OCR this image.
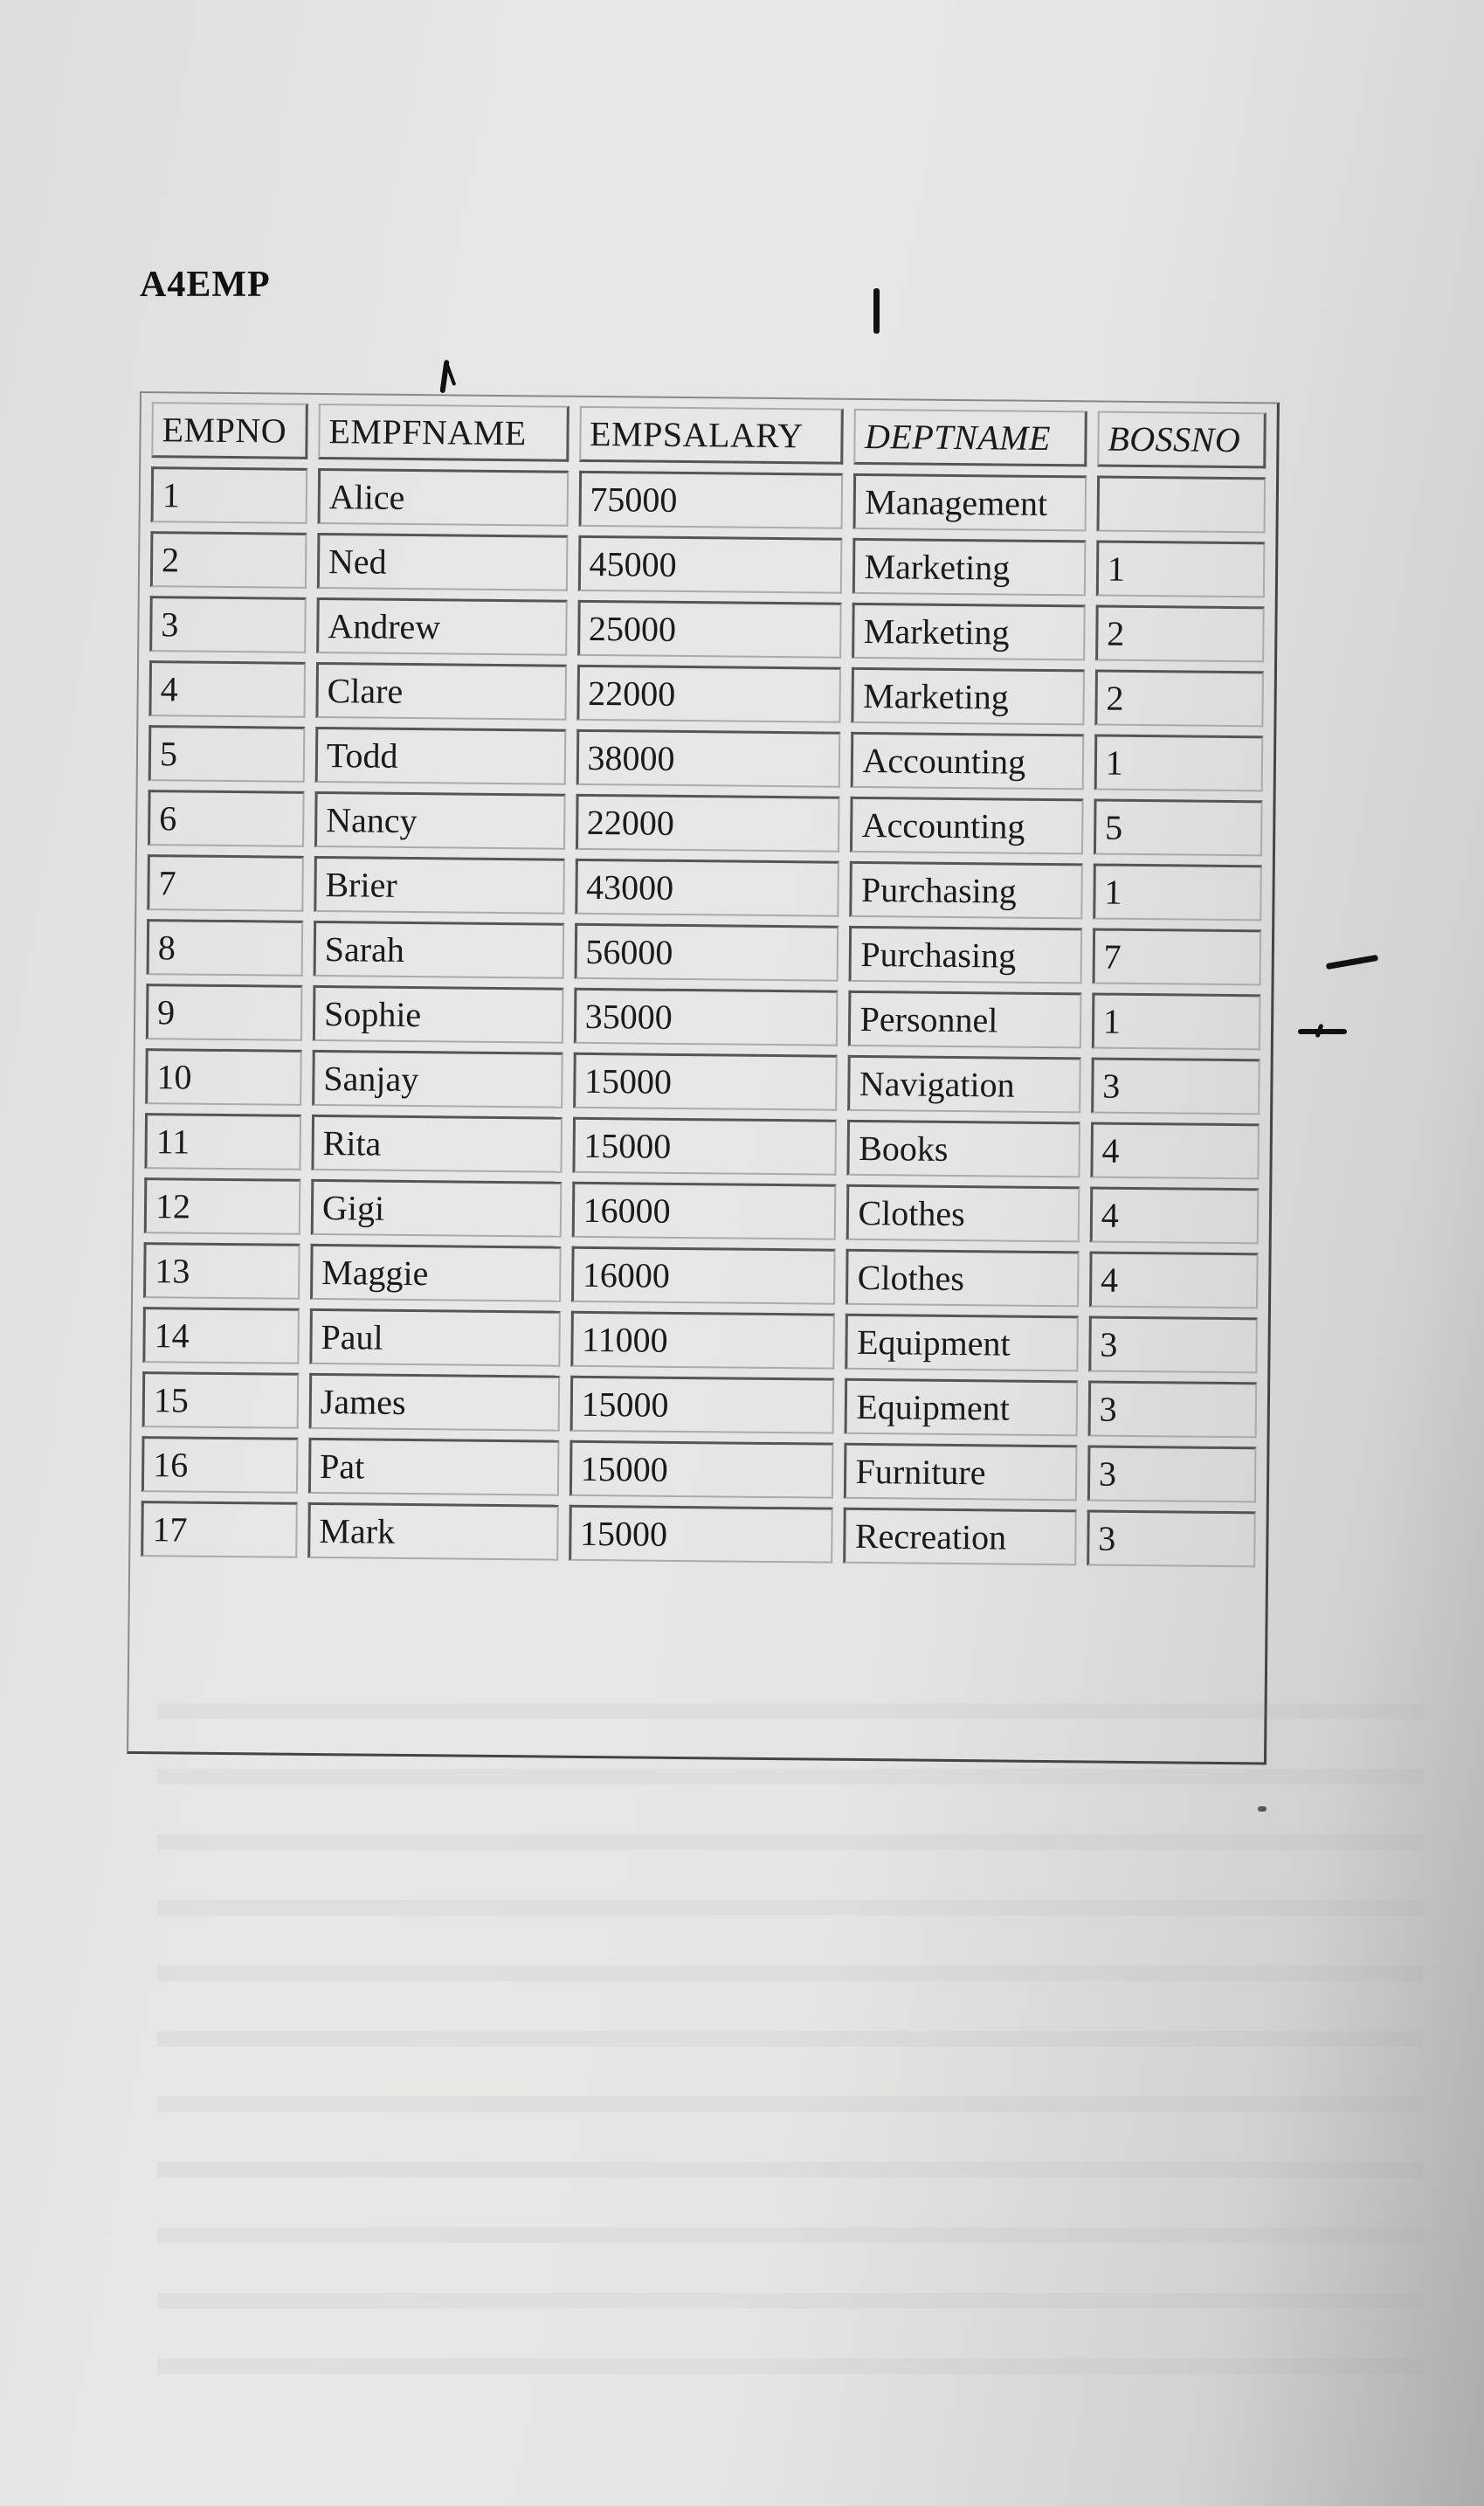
A4EMP
EMPNO	EMPFNAME	EMPSALARY	DEPTNAME	BOSSNO
1	Alice	75000	Management	
2	Ned	45000	Marketing	1
3	Andrew	25000	Marketing	2
4	Clare	22000	Marketing	2
5	Todd	38000	Accounting	1
6	Nancy	22000	Accounting	5
7	Brier	43000	Purchasing	1
8	Sarah	56000	Purchasing	7
9	Sophie	35000	Personnel	1
10	Sanjay	15000	Navigation	3
11	Rita	15000	Books	4
12	Gigi	16000	Clothes	4
13	Maggie	16000	Clothes	4
14	Paul	11000	Equipment	3
15	James	15000	Equipment	3
16	Pat	15000	Furniture	3
17	Mark	15000	Recreation	3
